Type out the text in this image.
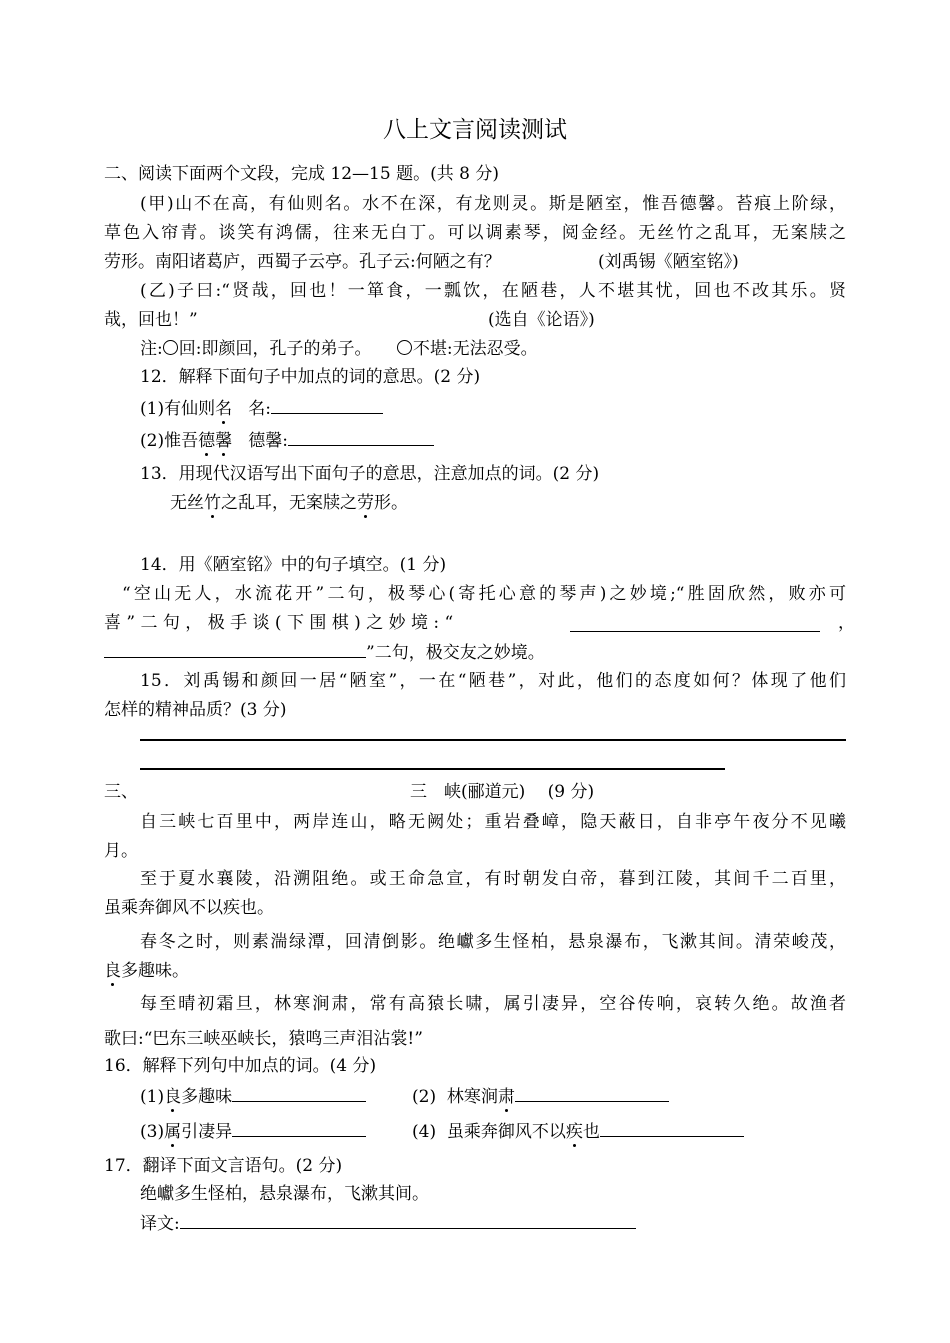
八上文言阅读测试
二、阅读下面两个文段，完成 12—15 题。(共 8 分)
(甲)山不在高，有仙则名。水不在深，有龙则灵。斯是陋室，惟吾德馨。苔痕上阶绿，
草色入帘青。谈笑有鸿儒，往来无白丁。可以调素琴，阅金经。无丝竹之乱耳，无案牍之
劳形。南阳诸葛庐，西蜀子云亭。孔子云:何陋之有？	(刘禹锡《陋室铭》)
(乙)子曰:“贤哉，回也！一箪食，一瓢饮，在陋巷，人不堪其忧，回也不改其乐。贤
哉，回也！”	(选自《论语》)
注: 回:即颜回，孔子的弟子。 不堪:无法忍受。
12．解释下面句子中加点的词的意思。(2 分)
(1)有仙则名   名:
(2)惟吾德馨   德馨:
13．用现代汉语写出下面句子的意思，注意加点的词。(2 分)
无丝竹之乱耳，无案牍之劳形。
14．用《陋室铭》中的句子填空。(1 分)
“空山无人，水流花开”二句，极琴心(寄托心意的琴声)之妙境;“胜固欣然，败亦可
喜 ” 二 句 ， 极 手 谈 ( 下 围 棋 ) 之 妙 境 : “	，
”二句，极交友之妙境。
15．刘禹锡和颜回一居“陋室”，一在“陋巷”，对此，他们的态度如何？体现了他们
怎样的精神品质？(3 分)
三、	三　峡(郦道元)　 (9 分)
自三峡七百里中，两岸连山，略无阙处；重岩叠嶂，隐天蔽日，自非亭午夜分不见曦
月。
至于夏水襄陵，沿溯阻绝。或王命急宣，有时朝发白帝，暮到江陵，其间千二百里，
虽乘奔御风不以疾也。
春冬之时，则素湍绿潭，回清倒影。绝巘多生怪柏，悬泉瀑布，飞漱其间。清荣峻茂，
良多趣味。
每至晴初霜旦，林寒涧肃，常有高猿长啸，属引凄异，空谷传响，哀转久绝。故渔者
歌曰:“巴东三峡巫峡长，猿鸣三声泪沾裳!”
16．解释下列句中加点的词。(4 分)
(1)良多趣味	(2)  林寒涧肃
(3)属引凄异	(4)  虽乘奔御风不以疾也
17．翻译下面文言语句。(2 分)
绝巘多生怪柏，悬泉瀑布，飞漱其间。
译文:
